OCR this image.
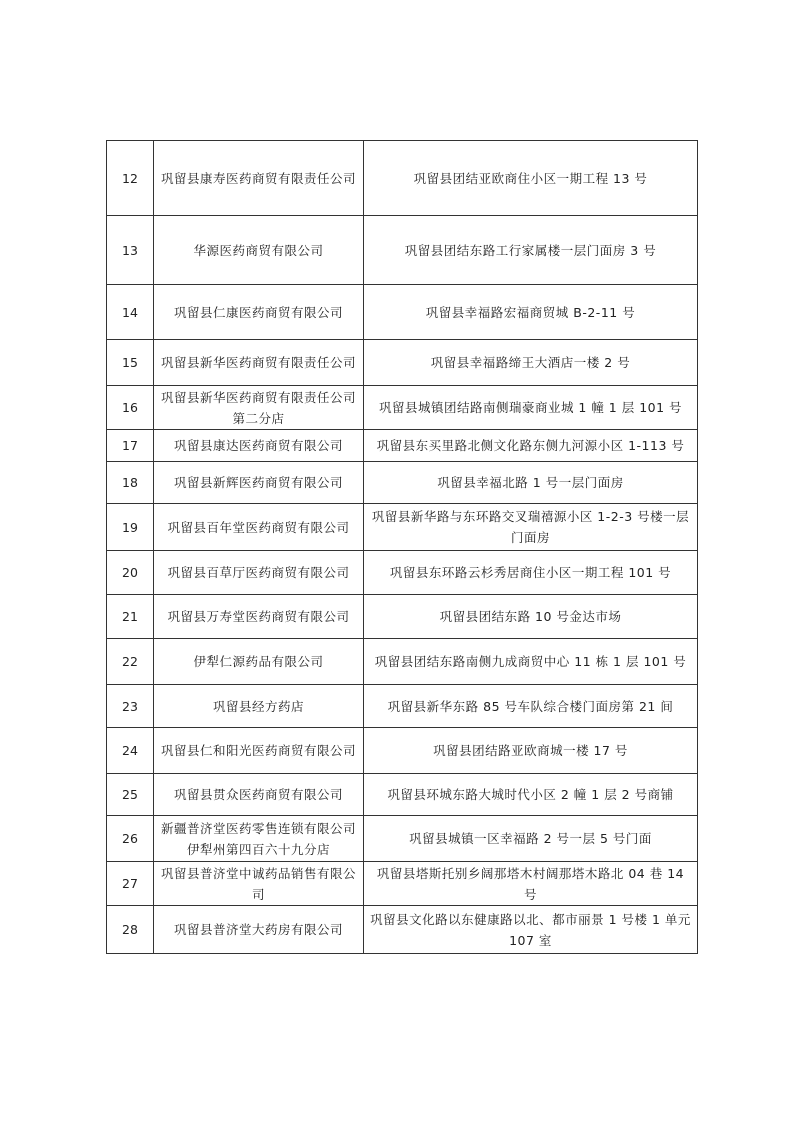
12	巩留县康寿医药商贸有限责任公司	巩留县团结亚欧商住小区一期工程 13 号
13	华源医药商贸有限公司	巩留县团结东路工行家属楼一层门面房 3 号
14	巩留县仁康医药商贸有限公司	巩留县幸福路宏福商贸城 B-2-11 号
15	巩留县新华医药商贸有限责任公司	巩留县幸福路缔王大酒店一楼 2 号
16	巩留县新华医药商贸有限责任公司第二分店	巩留县城镇团结路南侧瑞豪商业城 1 幢 1 层 101 号
17	巩留县康达医药商贸有限公司	巩留县东买里路北侧文化路东侧九河源小区 1-113 号
18	巩留县新辉医药商贸有限公司	巩留县幸福北路 1 号一层门面房
19	巩留县百年堂医药商贸有限公司	巩留县新华路与东环路交叉瑞禧源小区 1-2-3 号楼一层门面房
20	巩留县百草厅医药商贸有限公司	巩留县东环路云杉秀居商住小区一期工程 101 号
21	巩留县万寿堂医药商贸有限公司	巩留县团结东路 10 号金达市场
22	伊犁仁源药品有限公司	巩留县团结东路南侧九成商贸中心 11 栋 1 层 101 号
23	巩留县经方药店	巩留县新华东路 85 号车队综合楼门面房第 21 间
24	巩留县仁和阳光医药商贸有限公司	巩留县团结路亚欧商城一楼 17 号
25	巩留县贯众医药商贸有限公司	巩留县环城东路大城时代小区 2 幢 1 层 2 号商铺
26	新疆普济堂医药零售连锁有限公司伊犁州第四百六十九分店	巩留县城镇一区幸福路 2 号一层 5 号门面
27	巩留县普济堂中诚药品销售有限公司	巩留县塔斯托别乡阔那塔木村阔那塔木路北 04 巷 14 号
28	巩留县普济堂大药房有限公司	巩留县文化路以东健康路以北、都市丽景 1 号楼 1 单元 107 室
